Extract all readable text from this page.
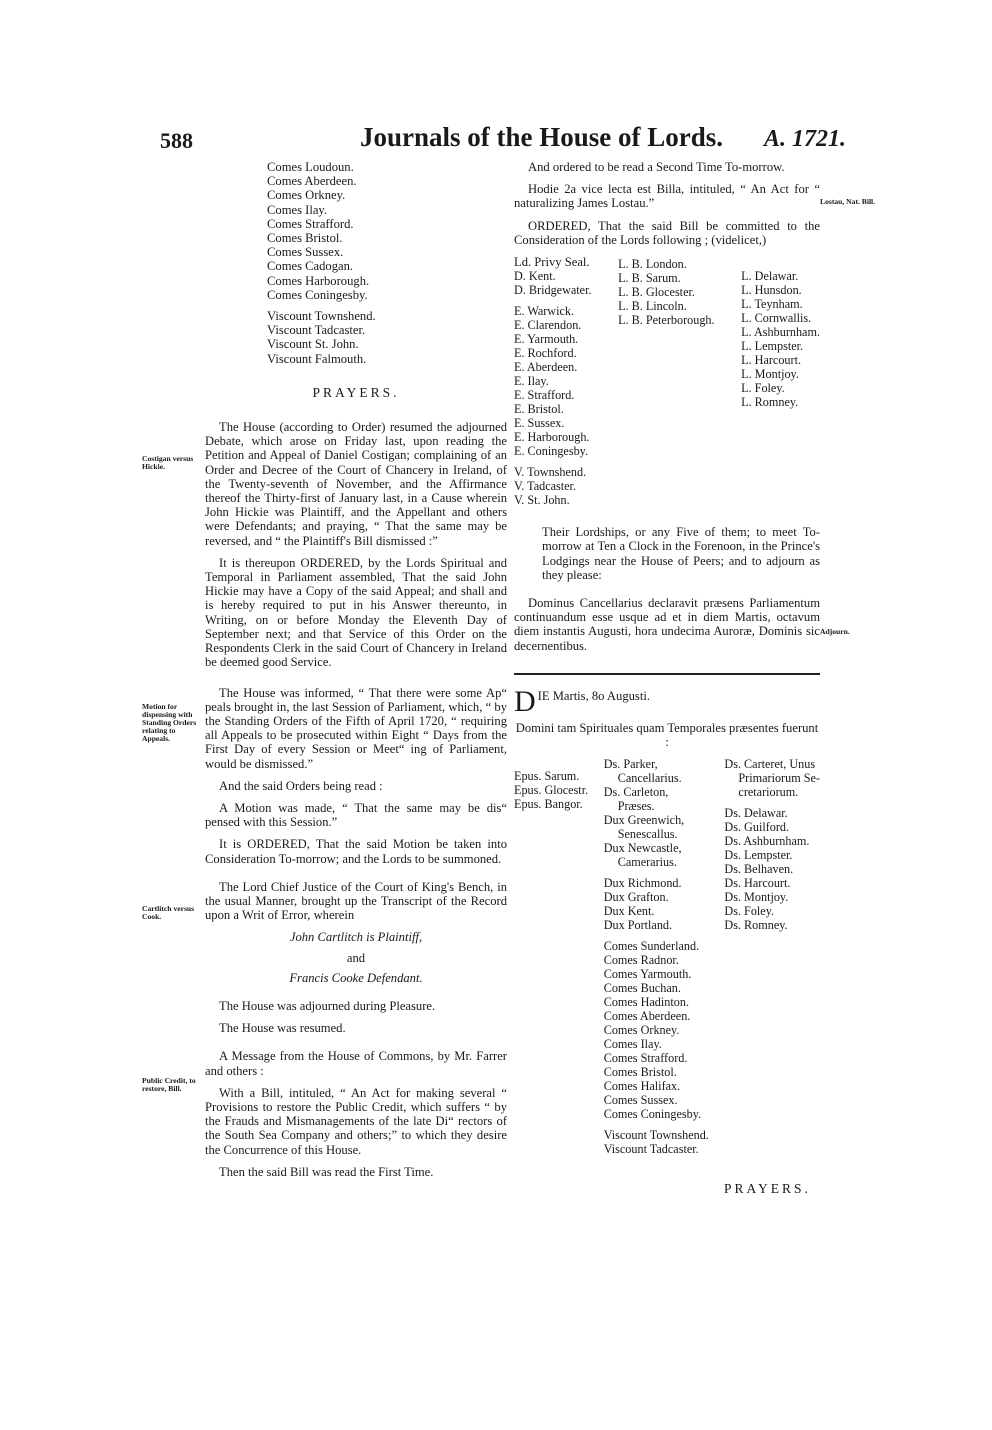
588	Journals of the House of Lords. A. 1721.
Comes Loudoun.
Comes Aberdeen.
Comes Orkney.
Comes Ilay.
Comes Strafford.
Comes Bristol.
Comes Sussex.
Comes Cadogan.
Comes Harborough.
Comes Coningesby.
Viscount Townshend.
Viscount Tadcaster.
Viscount St. John.
Viscount Falmouth.
PRAYERS.

The House (according to Order) resumed the adjourned Debate, which arose on Friday last, upon reading the Petition and Appeal of Daniel Costigan; complaining of an Order and Decree of the Court of Chancery in Ireland, of the Twenty-seventh of November, and the Affirmance thereof the Thirty-first of January last, in a Cause wherein John Hickie was Plaintiff, and the Appellant and others were Defendants; and praying, “ That the same may be reversed, and “ the Plaintiff's Bill dismissed :”

It is thereupon ORDERED, by the Lords Spiritual and Temporal in Parliament assembled, That the said John Hickie may have a Copy of the said Appeal; and shall and is hereby required to put in his Answer thereunto, in Writing, on or before Monday the Eleventh Day of September next; and that Service of this Order on the Respondents Clerk in the said Court of Chancery in Ireland be deemed good Service.

The House was informed, “ That there were some Ap“ peals brought in, the last Session of Parliament, which, “ by the Standing Orders of the Fifth of April 1720, “ requiring all Appeals to be prosecuted within Eight “ Days from the First Day of every Session or Meet“ ing of Parliament, would be dismissed.”

And the said Orders being read :

A Motion was made, “ That the same may be dis“ pensed with this Session.”

It is ORDERED, That the said Motion be taken into Consideration To-morrow; and the Lords to be summoned.

The Lord Chief Justice of the Court of King's Bench, in the usual Manner, brought up the Transcript of the Record upon a Writ of Error, wherein

John Cartlitch is Plaintiff,
and
Francis Cooke Defendant.

The House was adjourned during Pleasure.

The House was resumed.

A Message from the House of Commons, by Mr. Farrer and others :

With a Bill, intituled, “ An Act for making several “ Provisions to restore the Public Credit, which suffers “ by the Frauds and Mismanagements of the late Di“ rectors of the South Sea Company and others;” to which they desire the Concurrence of this House.

Then the said Bill was read the First Time.

Costigan versus Hickie.
Motion for dispensing with Standing Orders relating to Appeals.
Cartlitch versus Cook.
Public Credit, to restore, Bill.

And ordered to be read a Second Time To-morrow.

Hodie 2a vice lecta est Billa, intituled, “ An Act for “ naturalizing James Lostau.”

ORDERED, That the said Bill be committed to the Consideration of the Lords following ; (videlicet,)

Ld. Privy Seal.
D. Kent.
D. Bridgewater.
E. Warwick.
E. Clarendon.
E. Yarmouth.
E. Rochford.
E. Aberdeen.
E. Ilay.
E. Strafford.
E. Bristol.
E. Sussex.
E. Harborough.
E. Coningesby.
V. Townshend.
V. Tadcaster.
V. St. John.
L. B. London.
L. B. Sarum.
L. B. Glocester.
L. B. Lincoln.
L. B. Peterborough.
L. Delawar.
L. Hunsdon.
L. Teynham.
L. Cornwallis.
L. Ashburnham.
L. Lempster.
L. Harcourt.
L. Montjoy.
L. Foley.
L. Romney.

Their Lordships, or any Five of them; to meet To-morrow at Ten a Clock in the Forenoon, in the Prince's Lodgings near the House of Peers; and to adjourn as they please:

Dominus Cancellarius declaravit præsens Parliamentum continuandum esse usque ad et in diem Martis, octavum diem instantis Augusti, hora undecima Auroræ, Dominis sic decernentibus.

D IE Martis, 8o Augusti.

Domini tam Spirituales quam Temporales præsentes fuerunt :

Epus. Sarum.
Epus. Glocestr.
Epus. Bangor.
Ds. Parker,
Cancellarius.
Ds. Carleton,
Præses.
Dux Greenwich,
Senescallus.
Dux Newcastle,
Camerarius.
Dux Richmond.
Dux Grafton.
Dux Kent.
Dux Portland.
Comes Sunderland.
Comes Radnor.
Comes Yarmouth.
Comes Buchan.
Comes Hadinton.
Comes Aberdeen.
Comes Orkney.
Comes Ilay.
Comes Strafford.
Comes Bristol.
Comes Halifax.
Comes Sussex.
Comes Coningesby.
Viscount Townshend.
Viscount Tadcaster.
Ds. Carteret, Unus
Primariorum Se-
cretariorum.
Ds. Delawar.
Ds. Guilford.
Ds. Ashburnham.
Ds. Lempster.
Ds. Belhaven.
Ds. Harcourt.
Ds. Montjoy.
Ds. Foley.
Ds. Romney.
PRAYERS.
Lostau, Nat. Bill.
Adjourn.
